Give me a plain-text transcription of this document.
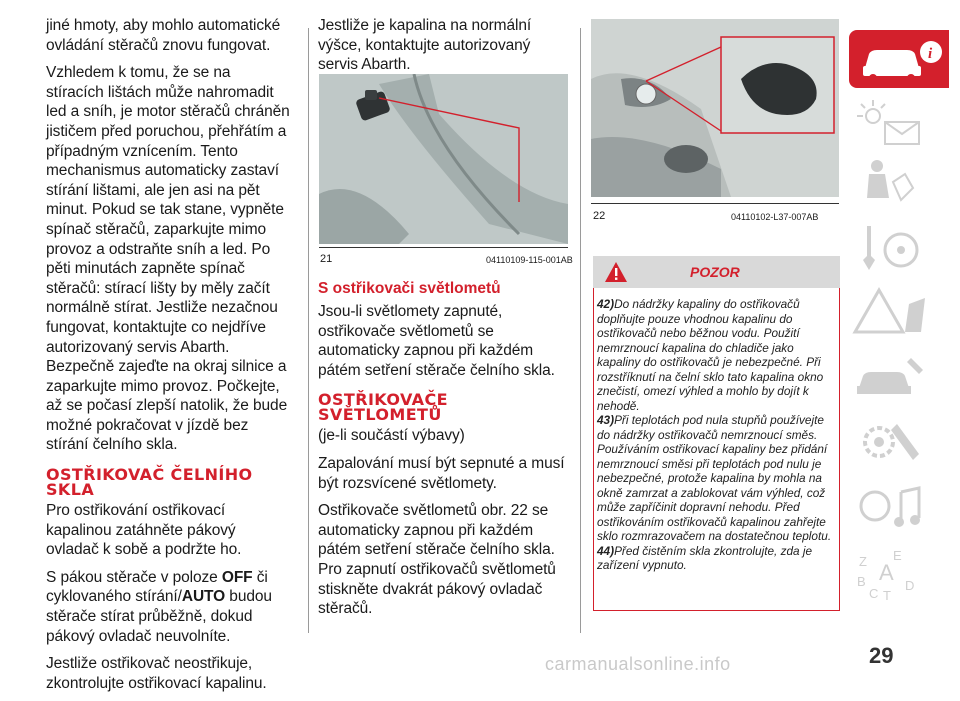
jiné hmoty, aby mohlo automatické ovládání stěračů znovu fungovat.

Vzhledem k tomu, že se na stíracích lištách může nahromadit led a sníh, je motor stěračů chráněn jističem před poruchou, přehřátím a případným vznícením. Tento mechanismus automaticky zastaví stírání lištami, ale jen asi na pět minut. Pokud se tak stane, vypněte spínač stěračů, zaparkujte mimo provoz a odstraňte sníh a led. Po pěti minutách zapněte spínač stěračů: stírací lišty by měly začít normálně stírat. Jestliže nezačnou fungovat, kontaktujte co nejdříve autorizovaný servis Abarth. Bezpečně zajeďte na okraj silnice a zaparkujte mimo provoz. Počkejte, až se počasí zlepší natolik, že bude možné pokračovat v jízdě bez stírání čelního skla.

OSTŘIKOVAČ ČELNÍHO SKLA

Pro ostřikování ostřikovací kapalinou zatáhněte pákový ovladač k sobě a podržte ho.

S pákou stěrače v poloze OFF či cyklovaného stírání/AUTO budou stěrače stírat průběžně, dokud pákový ovladač neuvolníte.

Jestliže ostřikovač neostřikuje, zkontrolujte ostřikovací kapalinu.

Jestliže je kapalina na normální výšce, kontaktujte autorizovaný servis Abarth.

21	04110109-115-001AB

S ostřikovači světlometů

Jsou-li světlomety zapnuté, ostřikovače světlometů se automaticky zapnou při každém pátém setření stěrače čelního skla.

OSTŘIKOVAČE SVĚTLOMETŮ

(je-li součástí výbavy)

Zapalování musí být sepnuté a musí být rozsvícené světlomety.

Ostřikovače světlometů obr. 22 se automaticky zapnou při každém pátém setření stěrače čelního skla. Pro zapnutí ostřikovačů světlometů stiskněte dvakrát pákový ovladač stěračů.

22	04110102-L37-007AB
POZOR
42)Do nádržky kapaliny do ostřikovačů doplňujte pouze vhodnou kapalinu do ostřikovačů nebo běžnou vodu. Použití nemrznoucí kapalina do chladiče jako kapaliny do ostřikovačů je nebezpečné. Při rozstříknutí na čelní sklo tato kapalina okno znečistí, omezí výhled a mohlo by dojít k nehodě.
43)Při teplotách pod nula stupňů používejte do nádržky ostřikovačů nemrznoucí směs. Používáním ostřikovací kapaliny bez přidání nemrznoucí směsi při teplotách pod nulu je nebezpečné, protože kapalina by mohla na okně zamrzat a zablokovat vám výhled, což může zapříčinit dopravní nehodu. Před ostřikováním ostřikovačů kapalinou zahřejte sklo rozmrazovačem na dostatečnou teplotu.
44)Před čistěním skla zkontrolujte, zda je zařízení vypnuto.
i
Z E
B
C
A
T
D
29
carmanualsonline.info
